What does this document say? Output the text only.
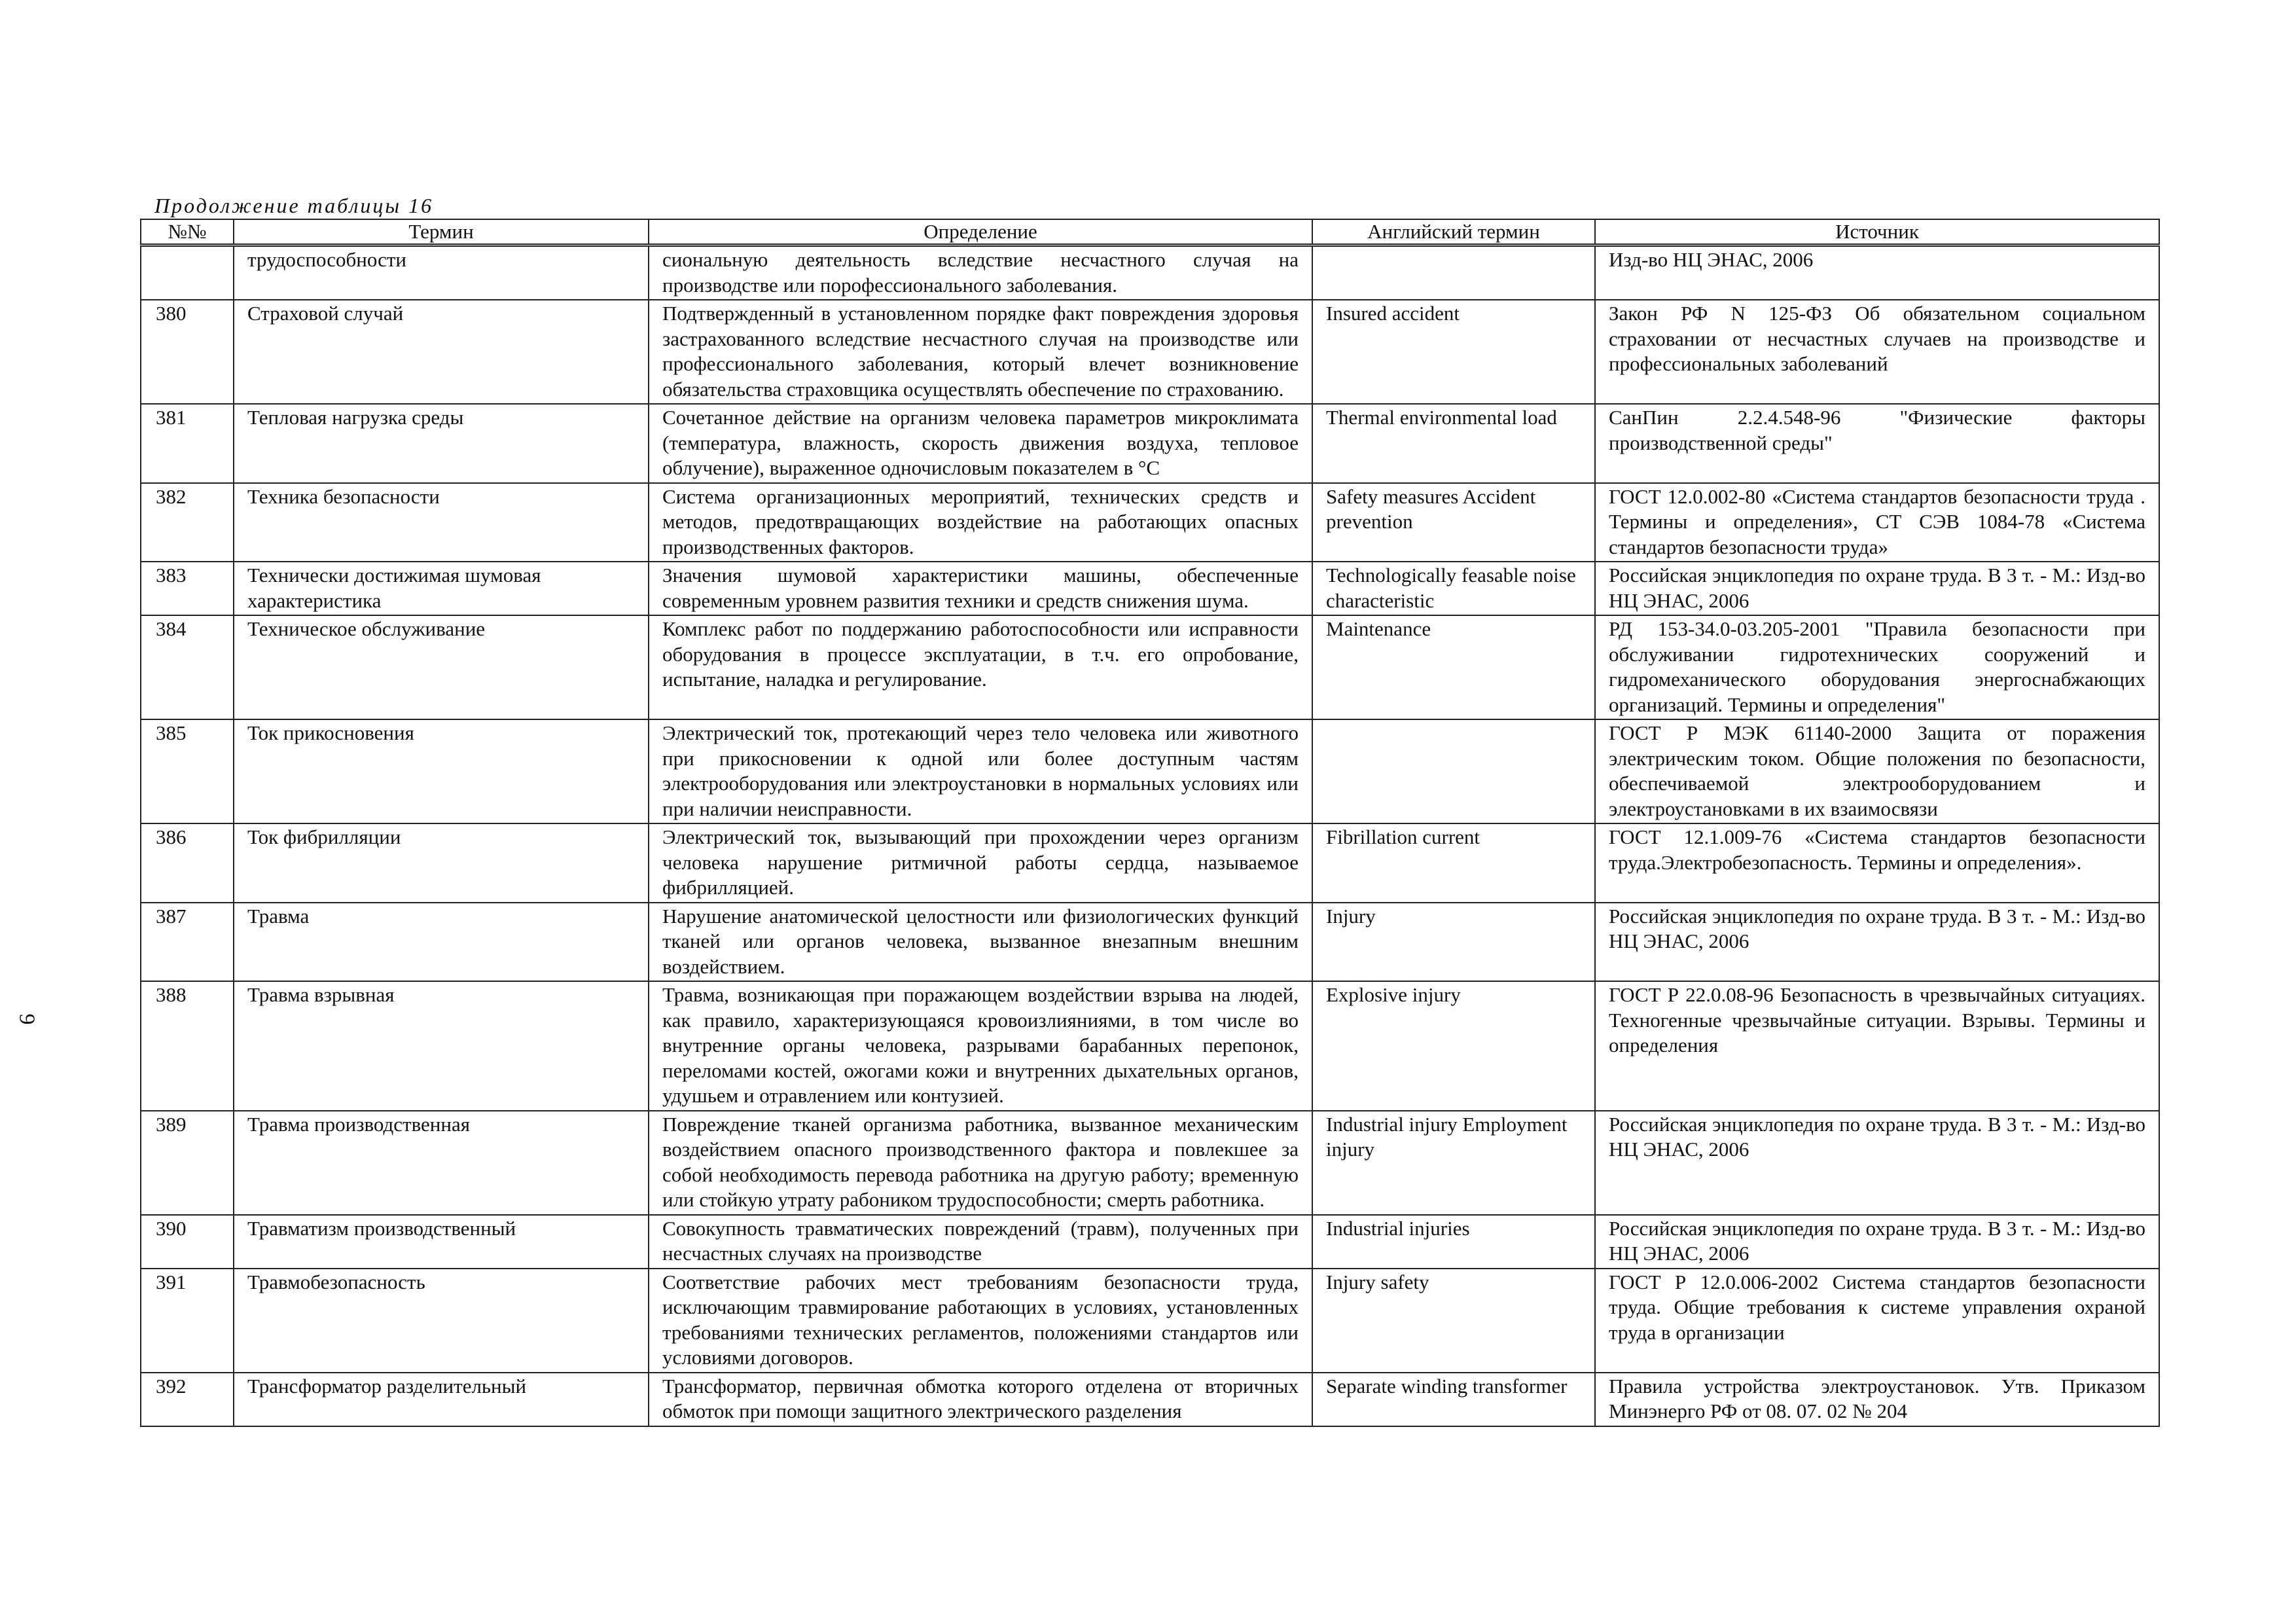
Продолжение таблицы 16
9
№№	Термин	Определение	Английский термин	Источник
	трудоспособности	сиональную деятельность вследствие несчастного случая на производстве или порофессионального заболевания.		Изд-во НЦ ЭНАС, 2006
380	Страховой случай	Подтвержденный в установленном порядке факт повреждения здоровья застрахованного вследствие несчастного случая на производстве или профессионального заболевания, который влечет возникновение обязательства страховщика осуществлять обеспечение по страхованию.	Insured accident	Закон РФ N 125-ФЗ Об обязательном социальном страховании от несчастных случаев на производстве и профессиональных заболеваний
381	Тепловая нагрузка среды	Сочетанное действие на организм человека параметров микроклимата (температура, влажность, скорость движения воздуха, тепловое облучение), выраженное одночисловым показателем в °С	Thermal environmental load	СанПин 2.2.4.548-96 "Физические факторы производственной среды"
382	Техника безопасности	Система организационных мероприятий, технических средств и методов, предотвращающих воздействие на работающих опасных производственных факторов.	Safety measures Accident prevention	ГОСТ 12.0.002-80 «Система стандартов безопасности труда . Термины и определения», СТ СЭВ 1084-78 «Система стандартов безопасности труда»
383	Технически достижимая шумовая характеристика	Значения шумовой характеристики машины, обеспеченные современным уровнем развития техники и средств снижения шума.	Technologically feasable noise characteristic	Российская энциклопедия по охране труда. В 3 т. - М.: Изд-во НЦ ЭНАС, 2006
384	Техническое обслуживание	Комплекс работ по поддержанию работоспособности или исправности оборудования в процессе эксплуатации, в т.ч. его опробование, испытание, наладка и регулирование.	Maintenance	РД 153-34.0-03.205-2001 "Правила безопасности при обслуживании гидротехнических сооружений и гидромеханического оборудования энергоснабжающих организаций. Термины и определения"
385	Ток прикосновения	Электрический ток, протекающий через тело человека или животного при прикосновении к одной или более доступным частям электрооборудования или электроустановки в нормальных условиях или при наличии неисправности.		ГОСТ Р МЭК 61140-2000 Защита от поражения электрическим током. Общие положения по безопасности, обеспечиваемой электрооборудованием и электроустановками в их взаимосвязи
386	Ток фибрилляции	Электрический ток, вызывающий при прохождении через организм человека нарушение ритмичной работы сердца, называемое фибрилляцией.	Fibrillation current	ГОСТ 12.1.009-76 «Система стандартов безопасности труда.Электробезопасность. Термины и определения».
387	Травма	Нарушение анатомической целостности или физиологических функций тканей или органов человека, вызванное внезапным внешним воздействием.	Injury	Российская энциклопедия по охране труда. В 3 т. - М.: Изд-во НЦ ЭНАС, 2006
388	Травма взрывная	Травма, возникающая при поражающем воздействии взрыва на людей, как правило, характеризующаяся кровоизлияниями, в том числе во внутренние органы человека, разрывами барабанных перепонок, переломами костей, ожогами кожи и внутренних дыхательных органов, удушьем и отравлением или контузией.	Explosive injury	ГОСТ Р 22.0.08-96 Безопасность в чрезвычайных ситуациях. Техногенные чрезвычайные ситуации. Взрывы. Термины и определения
389	Травма производственная	Повреждение тканей организма работника, вызванное механическим воздействием опасного производственного фактора и повлекшее за собой необходимость перевода работника на другую работу; временную или стойкую утрату рабоником трудоспособности; смерть работника.	Industrial injury Employment injury	Российская энциклопедия по охране труда. В 3 т. - М.: Изд-во НЦ ЭНАС, 2006
390	Травматизм производственный	Совокупность травматических повреждений (травм), полученных при несчастных случаях на производстве	Industrial injuries	Российская энциклопедия по охране труда. В 3 т. - М.: Изд-во НЦ ЭНАС, 2006
391	Травмобезопасность	Соответствие рабочих мест требованиям безопасности труда, исключающим травмирование работающих в условиях, установленных требованиями технических регламентов, положениями стандартов или условиями договоров.	Injury safety	ГОСТ Р 12.0.006-2002 Система стандартов безопасности труда. Общие требования к системе управления охраной труда в организации
392	Трансформатор разделительный	Трансформатор, первичная обмотка которого отделена от вторичных обмоток при помощи защитного электрического разделения	Separate winding transformer	Правила устройства электроустановок. Утв. Приказом Минэнерго РФ от 08. 07. 02 № 204
